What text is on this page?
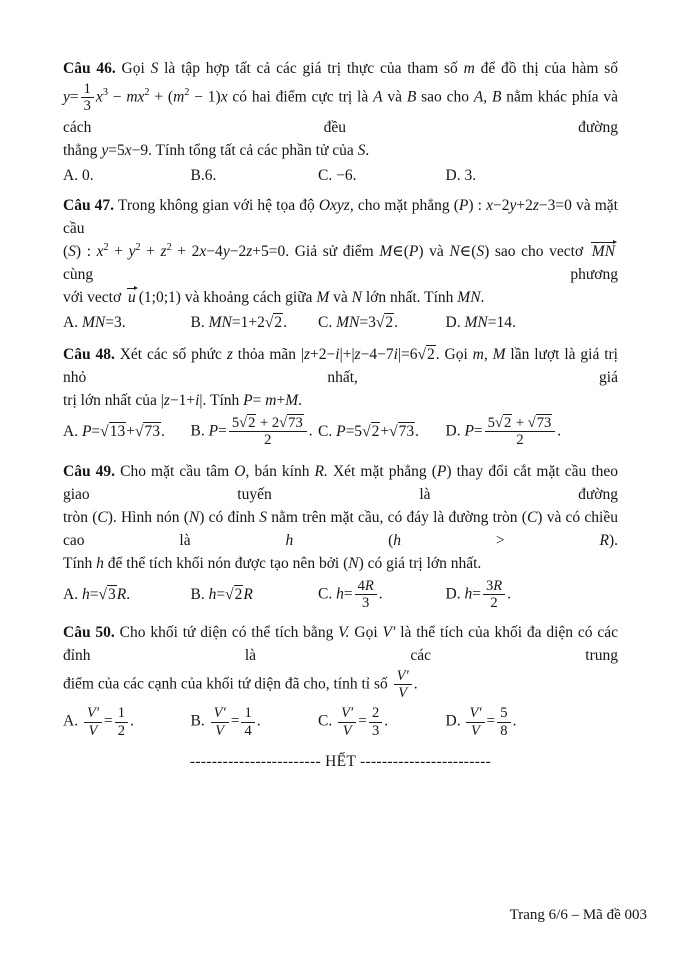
Câu 46. Gọi S là tập hợp tất cả các giá trị thực của tham số m để đồ thị của hàm số
$y= \frac{1}{3} x^3 - mx^2 + (m^2 - 1)x$ có hai điểm cực trị là A và B sao cho A, B nằm khác phía và cách đều đường
thẳng y=5x−9. Tính tổng tất cả các phần tử của S.
A. 0.	B.6.	C. −6.	D. 3.
Câu 47. Trong không gian với hệ tọa độ Oxyz, cho mặt phẳng (P) : x−2y+2z−3=0 và mặt cầu
(S) : $x^2 + y^2 + z^2 + 2x-4y-2z+5=0$. Giả sử điểm M∈(P) và N∈(S) sao cho vectơ MN cùng phương
với vectơ u (1;0;1) và khoảng cách giữa M và N lớn nhất. Tính MN.
A. MN=3.	B. MN=1+2√2.	C. MN=3√2.	D. MN=14.
Câu 48. Xét các số phức z thỏa mãn |z+2−i|+|z−4−7i|=6√2. Gọi m, M lần lượt là giá trị nhỏ nhất, giá
trị lớn nhất của |z−1+i|. Tính P= m+M.
A. P=√13+√73.	B. $P= \frac{5√2 + 2√73}{2}$ . C. P=5√2+√73.	D. $P= \frac{5√2 + √73}{2}$ .
Câu 49. Cho mặt cầu tâm O, bán kính R. Xét mặt phẳng (P) thay đổi cắt mặt cầu theo giao tuyến là đường
tròn (C). Hình nón (N) có đỉnh S nằm trên mặt cầu, có đáy là đường tròn (C) và có chiều cao là h (h > R).
Tính h để thể tích khối nón được tạo nên bởi (N) có giá trị lớn nhất.
A. h=√3R.	B. h=√2R	C. $h= \frac{4R}{3}$ .	D. $h= \frac{3R}{2}$ .
Câu 50. Cho khối tứ diện có thể tích bằng V. Gọi V′ là thể tích của khối đa diện có các đỉnh là các trung
điểm của các cạnh của khối tứ diện đã cho, tính tỉ số $\frac{V'}{V}$ .
A. $\frac{V'}{V} = \frac{1}{2}$ .	B. $\frac{V'}{V} = \frac{1}{4}$ .	C. $\frac{V'}{V} = \frac{2}{3}$ .	D. $\frac{V'}{V} = \frac{5}{8}$ .
------------------------ HẾT ------------------------
Trang 6/6 – Mã đề 003
